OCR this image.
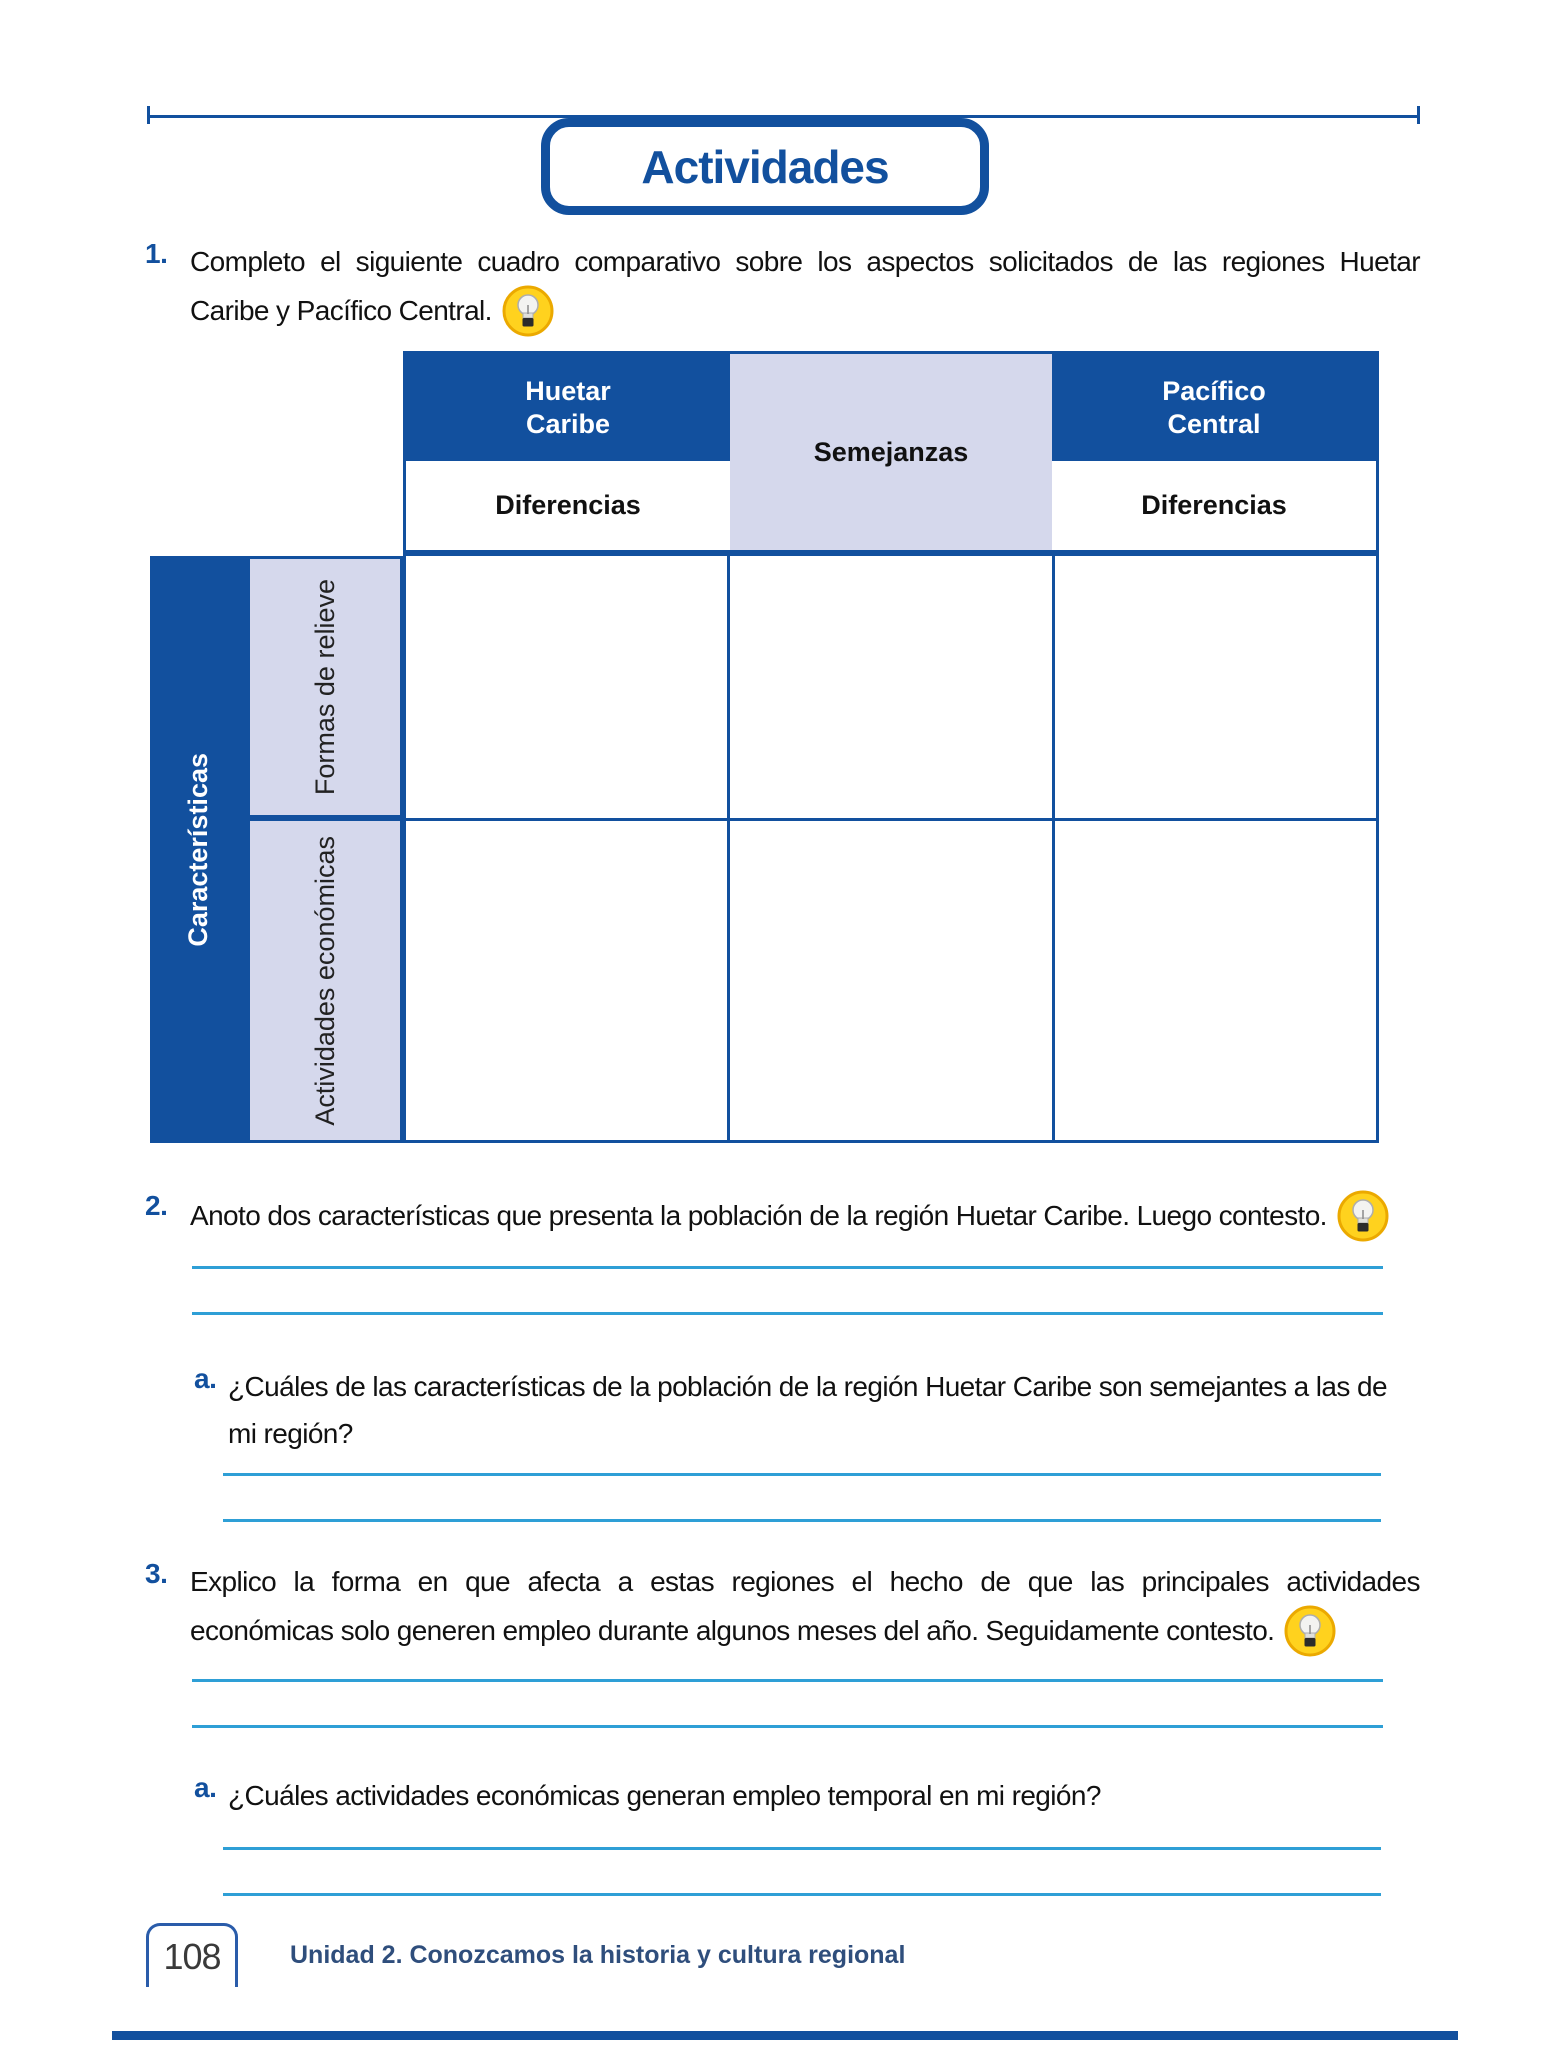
Actividades
1. Completo el siguiente cuadro comparativo sobre los aspectos solicitados de las regiones Huetar
Caribe y Pacífico Central.
Huetar
Caribe
Diferencias
Semejanzas
Pacífico
Central
Diferencias
Características
Formas de relieve
Actividades económicas
2. Anoto dos características que presenta la población de la región Huetar Caribe. Luego contesto.
a. ¿Cuáles de las características de la población de la región Huetar Caribe son semejantes a las de
mi región?
3. Explico la forma en que afecta a estas regiones el hecho de que las principales actividades
económicas solo generen empleo durante algunos meses del año. Seguidamente contesto.
a. ¿Cuáles actividades económicas generan empleo temporal en mi región?
108	Unidad 2. Conozcamos la historia y cultura regional
